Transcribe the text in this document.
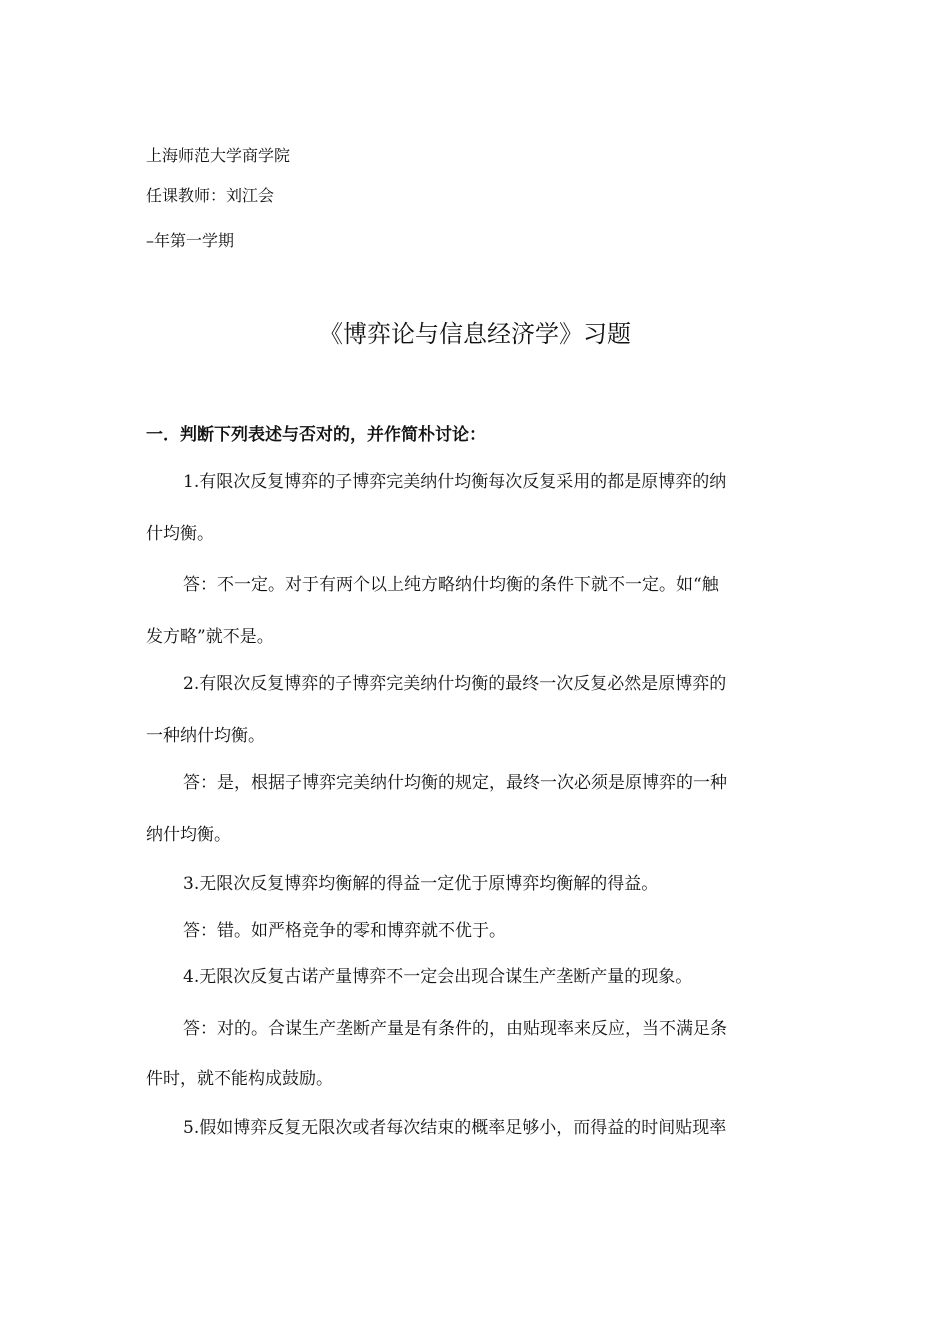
上海师范大学商学院
任课教师：刘江会
–年第一学期
《博弈论与信息经济学》习题
一．判断下列表述与否对的，并作简朴讨论：
1.有限次反复博弈的子博弈完美纳什均衡每次反复采用的都是原博弈的纳
什均衡。
答：不一定。对于有两个以上纯方略纳什均衡的条件下就不一定。如“触
发方略”就不是。
2.有限次反复博弈的子博弈完美纳什均衡的最终一次反复必然是原博弈的
一种纳什均衡。
答：是，根据子博弈完美纳什均衡的规定，最终一次必须是原博弈的一种
纳什均衡。
3.无限次反复博弈均衡解的得益一定优于原博弈均衡解的得益。
答：错。如严格竞争的零和博弈就不优于。
4.无限次反复古诺产量博弈不一定会出现合谋生产垄断产量的现象。
答：对的。合谋生产垄断产量是有条件的，由贴现率来反应，当不满足条
件时，就不能构成鼓励。
5.假如博弈反复无限次或者每次结束的概率足够小，而得益的时间贴现率
